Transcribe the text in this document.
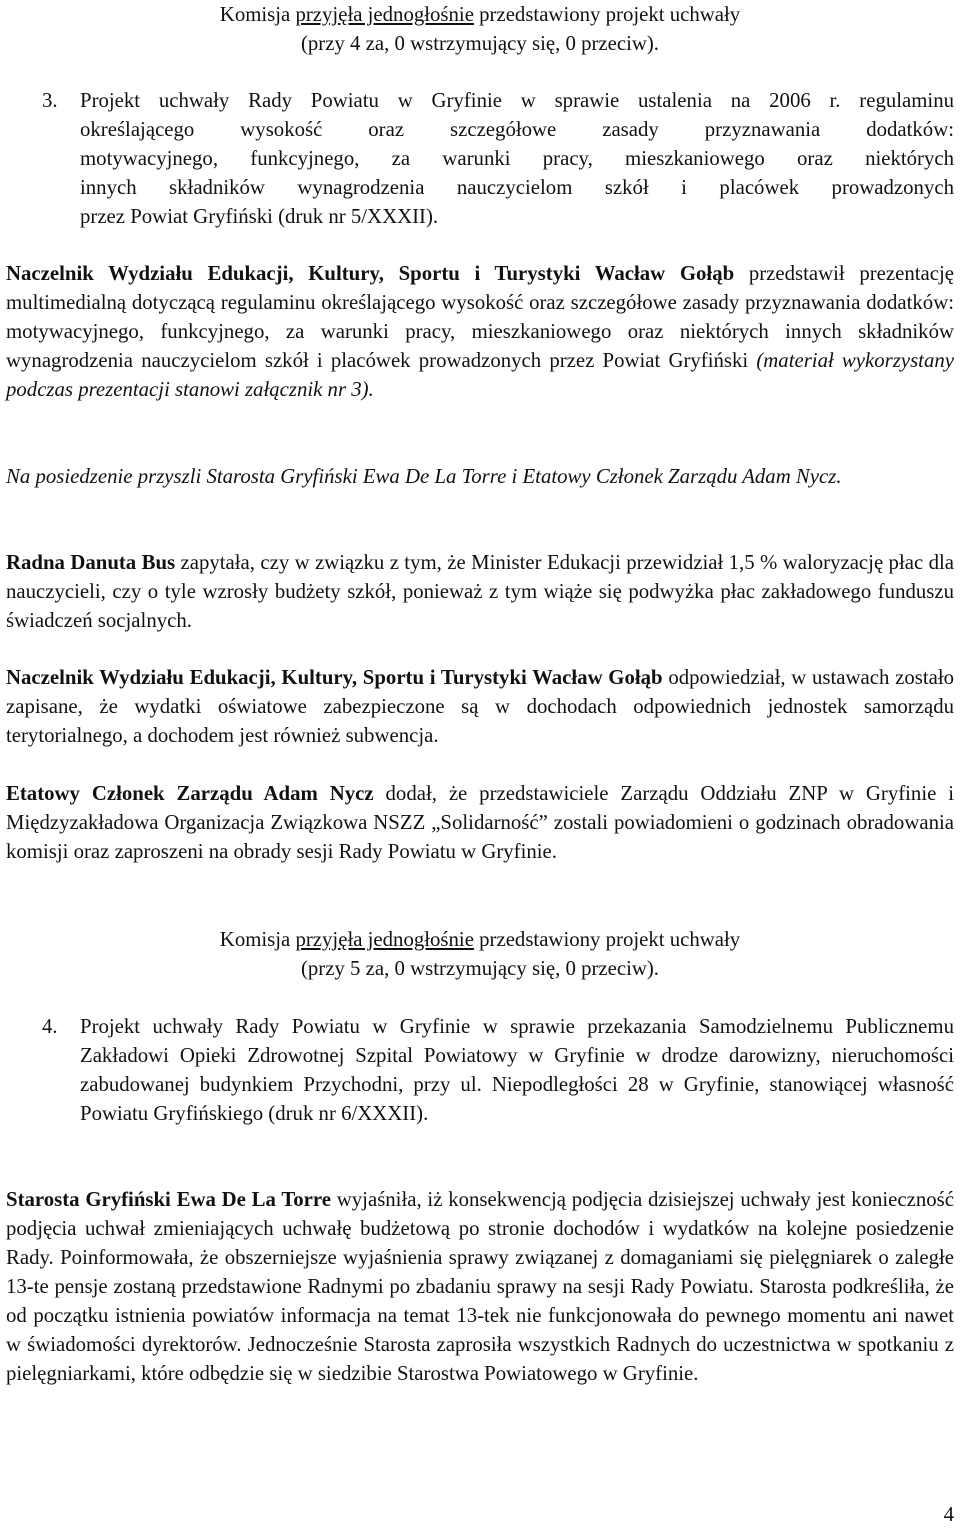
Komisja przyjęła jednogłośnie przedstawiony projekt uchwały
(przy 4 za, 0 wstrzymujący się, 0 przeciw).
3. Projekt uchwały Rady Powiatu w Gryfinie w sprawie ustalenia na 2006 r. regulaminu
określającego wysokość oraz szczegółowe zasady przyznawania dodatków:
motywacyjnego, funkcyjnego, za warunki pracy, mieszkaniowego oraz niektórych
innych składników wynagrodzenia nauczycielom szkół i placówek prowadzonych
przez Powiat Gryfiński (druk nr 5/XXXII).
Naczelnik Wydziału Edukacji, Kultury, Sportu i Turystyki Wacław Gołąb przedstawił prezentację multimedialną dotyczącą regulaminu określającego wysokość oraz szczegółowe zasady przyznawania dodatków: motywacyjnego, funkcyjnego, za warunki pracy, mieszkaniowego oraz niektórych innych składników wynagrodzenia nauczycielom szkół i placówek prowadzonych przez Powiat Gryfiński (materiał wykorzystany podczas prezentacji stanowi załącznik nr 3).
Na posiedzenie przyszli Starosta Gryfiński Ewa De La Torre i Etatowy Członek Zarządu Adam Nycz.
Radna Danuta Bus zapytała, czy w związku z tym, że Minister Edukacji przewidział 1,5 % waloryzację płac dla nauczycieli, czy o tyle wzrosły budżety szkół, ponieważ z tym wiąże się podwyżka płac zakładowego funduszu świadczeń socjalnych.
Naczelnik Wydziału Edukacji, Kultury, Sportu i Turystyki Wacław Gołąb odpowiedział, w ustawach zostało zapisane, że wydatki oświatowe zabezpieczone są w dochodach odpowiednich jednostek samorządu terytorialnego, a dochodem jest również subwencja.
Etatowy Członek Zarządu Adam Nycz dodał, że przedstawiciele Zarządu Oddziału ZNP w Gryfinie i Międzyzakładowa Organizacja Związkowa NSZZ „Solidarność” zostali powiadomieni o godzinach obradowania komisji oraz zaproszeni na obrady sesji Rady Powiatu w Gryfinie.
Komisja przyjęła jednogłośnie przedstawiony projekt uchwały
(przy 5 za, 0 wstrzymujący się, 0 przeciw).
4. Projekt uchwały Rady Powiatu w Gryfinie w sprawie przekazania Samodzielnemu Publicznemu Zakładowi Opieki Zdrowotnej Szpital Powiatowy w Gryfinie w drodze darowizny, nieruchomości zabudowanej budynkiem Przychodni, przy ul. Niepodległości 28 w Gryfinie, stanowiącej własność Powiatu Gryfińskiego (druk nr 6/XXXII).
Starosta Gryfiński Ewa De La Torre wyjaśniła, iż konsekwencją podjęcia dzisiejszej uchwały jest konieczność podjęcia uchwał zmieniających uchwałę budżetową po stronie dochodów i wydatków na kolejne posiedzenie Rady. Poinformowała, że obszerniejsze wyjaśnienia sprawy związanej z domaganiami się pielęgniarek o zaległe 13-te pensje zostaną przedstawione Radnymi po zbadaniu sprawy na sesji Rady Powiatu. Starosta podkreśliła, że od początku istnienia powiatów informacja na temat 13-tek nie funkcjonowała do pewnego momentu ani nawet w świadomości dyrektorów. Jednocześnie Starosta zaprosiła wszystkich Radnych do uczestnictwa w spotkaniu z pielęgniarkami, które odbędzie się w siedzibie Starostwa Powiatowego w Gryfinie.
4
